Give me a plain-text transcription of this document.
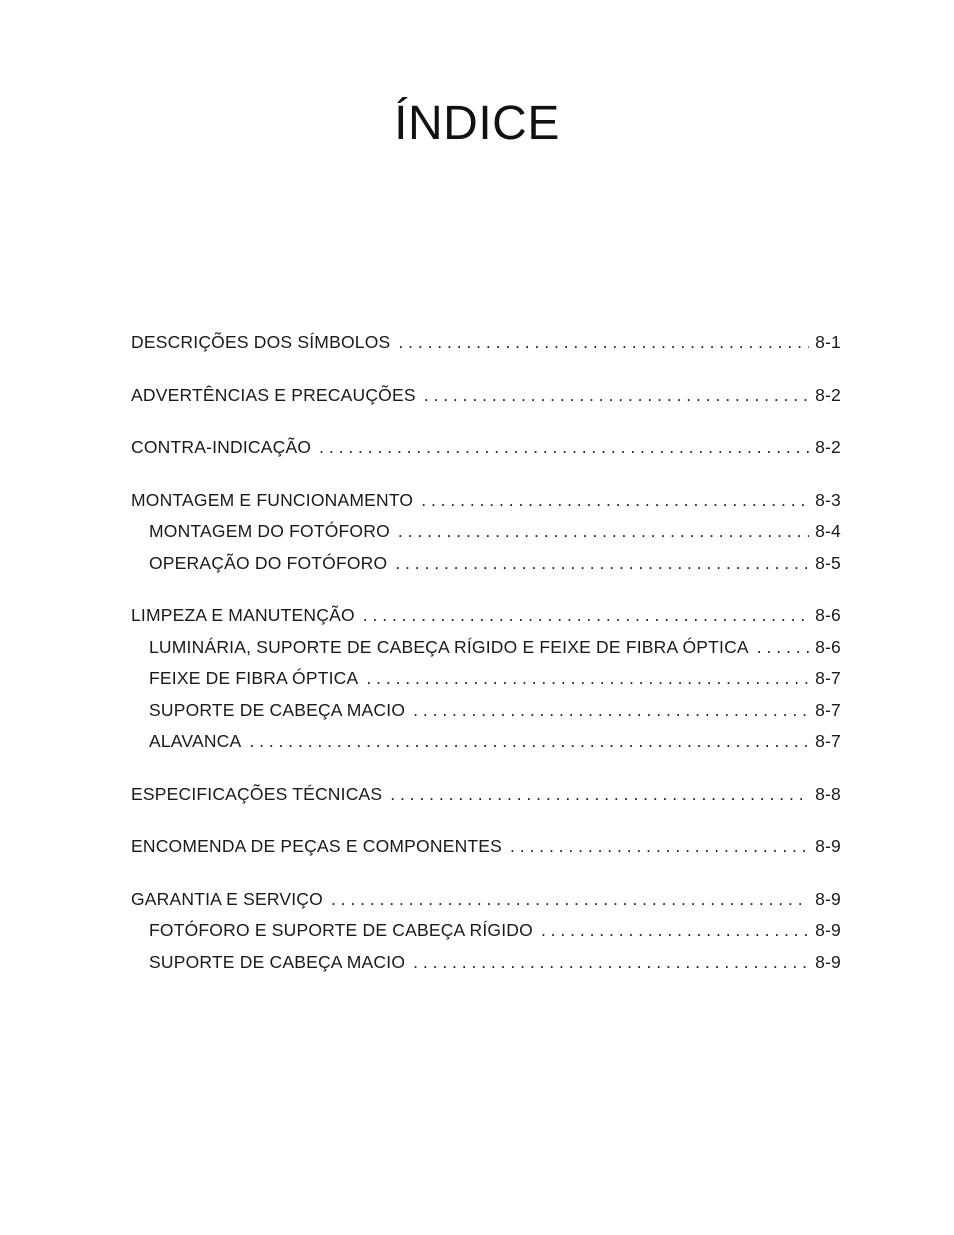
ÍNDICE
DESCRIÇÕES DOS SÍMBOLOS . . .	8-1
ADVERTÊNCIAS E PRECAUÇÕES . . .	8-2
CONTRA-INDICAÇÃO . . .	8-2
MONTAGEM E FUNCIONAMENTO . . .	8-3
MONTAGEM DO FOTÓFORO . . .	8-4
OPERAÇÃO DO FOTÓFORO . . .	8-5
LIMPEZA E MANUTENÇÃO . . .	8-6
LUMINÁRIA, SUPORTE DE CABEÇA RÍGIDO E FEIXE DE FIBRA ÓPTICA . . .	8-6
FEIXE DE FIBRA ÓPTICA . . .	8-7
SUPORTE DE CABEÇA MACIO . . .	8-7
ALAVANCA . . .	8-7
ESPECIFICAÇÕES TÉCNICAS . . .	8-8
ENCOMENDA DE PEÇAS E COMPONENTES . . .	8-9
GARANTIA E SERVIÇO . . .	8-9
FOTÓFORO E SUPORTE DE CABEÇA RÍGIDO . . .	8-9
SUPORTE DE CABEÇA MACIO . . .	8-9
